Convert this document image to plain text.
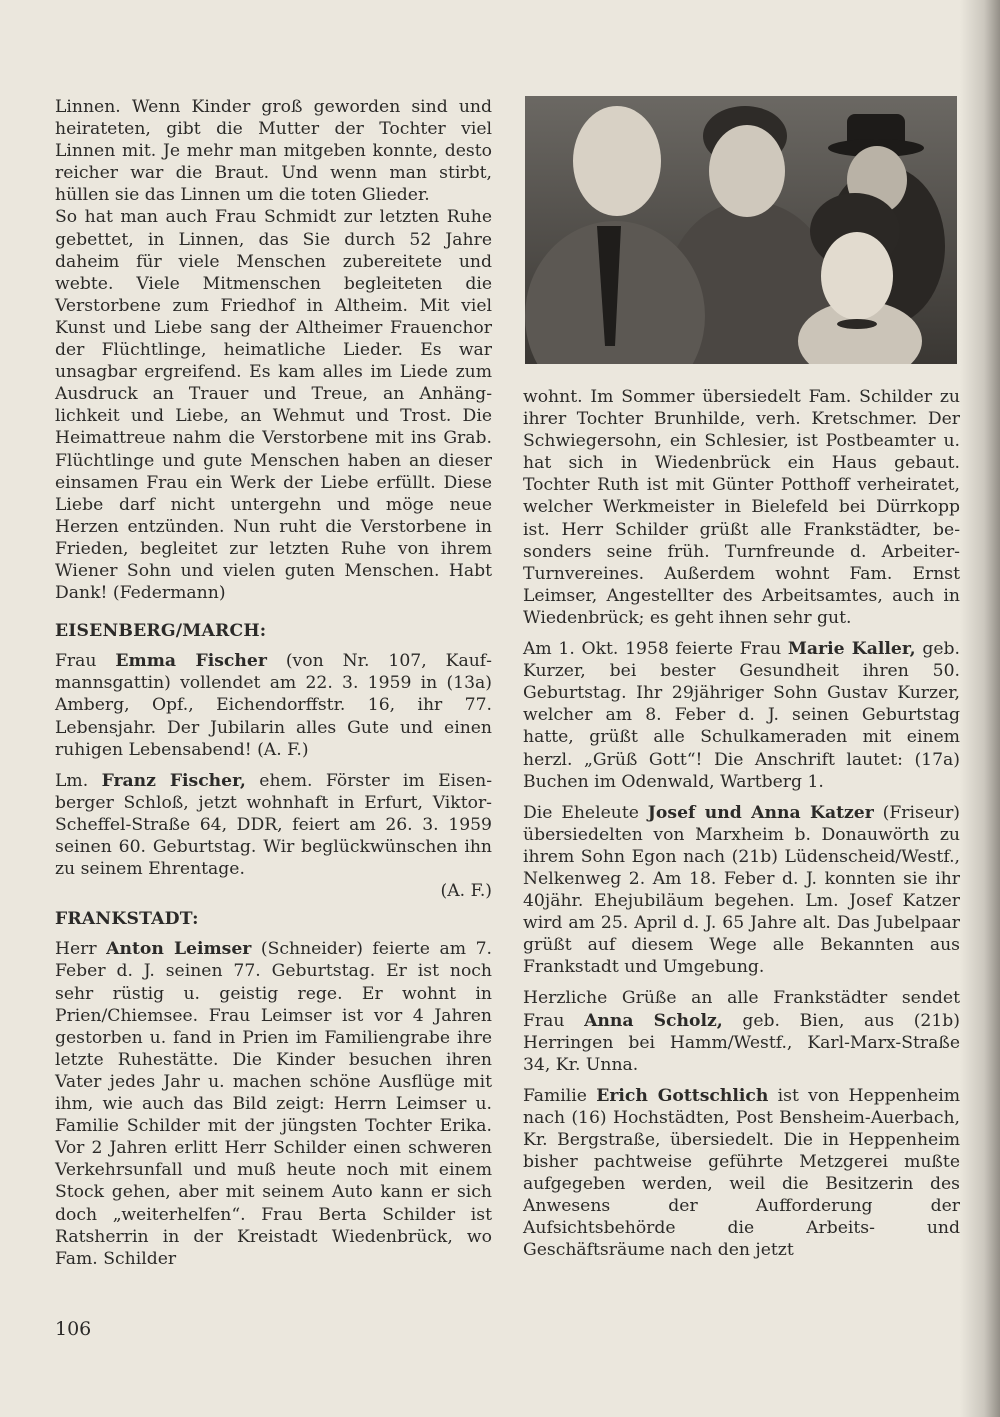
Linnen. Wenn Kinder groß geworden sind und heirateten, gibt die Mutter der Tochter viel Linnen mit. Je mehr man mitgeben konnte, desto reicher war die Braut. Und wenn man stirbt, hüllen sie das Linnen um die toten Glieder.

So hat man auch Frau Schmidt zur letzten Ruhe gebettet, in Linnen, das Sie durch 52 Jahre daheim für viele Menschen zubereitete und webte. Viele Mitmenschen begleiteten die Verstorbene zum Friedhof in Altheim. Mit viel Kunst und Liebe sang der Altheimer Frauenchor der Flüchtlinge, heimatliche Lieder. Es war unsagbar ergreifend. Es kam alles im Liede zum Ausdruck an Trauer und Treue, an Anhänglichkeit und Liebe, an Wehmut und Trost. Die Heimattreue nahm die Verstorbene mit ins Grab. Flüchtlinge und gute Menschen haben an dieser einsamen Frau ein Werk der Liebe erfüllt. Diese Liebe darf nicht untergehn und möge neue Herzen entzünden. Nun ruht die Verstorbene in Frieden, begleitet zur letzten Ruhe von ihrem Wiener Sohn und vielen guten Menschen. Habt Dank! (Federmann)

EISENBERG/MARCH:

Frau Emma Fischer (von Nr. 107, Kaufmannsgattin) vollendet am 22. 3. 1959 in (13a) Amberg, Opf., Eichendorffstr. 16, ihr 77. Lebensjahr. Der Jubilarin alles Gute und einen ruhigen Lebensabend! (A. F.)

Lm. Franz Fischer, ehem. Förster im Eisenberger Schloß, jetzt wohnhaft in Erfurt, Viktor-Scheffel-Straße 64, DDR, feiert am 26. 3. 1959 seinen 60. Geburtstag. Wir beglückwünschen ihn zu seinem Ehrentage.

(A. F.)

FRANKSTADT:

Herr Anton Leimser (Schneider) feierte am 7. Feber d. J. seinen 77. Geburtstag. Er ist noch sehr rüstig u. geistig rege. Er wohnt in Prien/Chiemsee. Frau Leimser ist vor 4 Jahren gestorben u. fand in Prien im Familiengrabe ihre letzte Ruhestätte. Die Kinder besuchen ihren Vater jedes Jahr u. machen schöne Ausflüge mit ihm, wie auch das Bild zeigt: Herrn Leimser u. Familie Schilder mit der jüngsten Tochter Erika. Vor 2 Jahren erlitt Herr Schilder einen schweren Verkehrsunfall und muß heute noch mit einem Stock gehen, aber mit seinem Auto kann er sich doch „weiterhelfen“. Frau Berta Schilder ist Ratsherrin in der Kreistadt Wiedenbrück, wo Fam. Schilder

wohnt. Im Sommer übersiedelt Fam. Schilder zu ihrer Tochter Brunhilde, verh. Kretschmer. Der Schwiegersohn, ein Schlesier, ist Postbeamter u. hat sich in Wiedenbrück ein Haus gebaut. Tochter Ruth ist mit Günter Potthoff verheiratet, welcher Werkmeister in Bielefeld bei Dürrkopp ist. Herr Schilder grüßt alle Frankstädter, besonders seine früh. Turnfreunde d. Arbeiter-Turnvereines. Außerdem wohnt Fam. Ernst Leimser, Angestellter des Arbeitsamtes, auch in Wiedenbrück; es geht ihnen sehr gut.

Am 1. Okt. 1958 feierte Frau Marie Kaller, geb. Kurzer, bei bester Gesundheit ihren 50. Geburtstag. Ihr 29jähriger Sohn Gustav Kurzer, welcher am 8. Feber d. J. seinen Geburtstag hatte, grüßt alle Schulkameraden mit einem herzl. „Grüß Gott“! Die Anschrift lautet: (17a) Buchen im Odenwald, Wartberg 1.

Die Eheleute Josef und Anna Katzer (Friseur) übersiedelten von Marxheim b. Donauwörth zu ihrem Sohn Egon nach (21b) Lüdenscheid/Westf., Nelkenweg 2. Am 18. Feber d. J. konnten sie ihr 40jähr. Ehejubiläum begehen. Lm. Josef Katzer wird am 25. April d. J. 65 Jahre alt. Das Jubelpaar grüßt auf diesem Wege alle Bekannten aus Frankstadt und Umgebung.

Herzliche Grüße an alle Frankstädter sendet Frau Anna Scholz, geb. Bien, aus (21b) Herringen bei Hamm/Westf., Karl-Marx-Straße 34, Kr. Unna.

Familie Erich Gottschlich ist von Heppenheim nach (16) Hochstädten, Post Bensheim-Auerbach, Kr. Bergstraße, übersiedelt. Die in Heppenheim bisher pachtweise geführte Metzgerei mußte aufgegeben werden, weil die Besitzerin des Anwesens der Aufforderung der Aufsichtsbehörde die Arbeits- und Geschäftsräume nach den jetzt

106
